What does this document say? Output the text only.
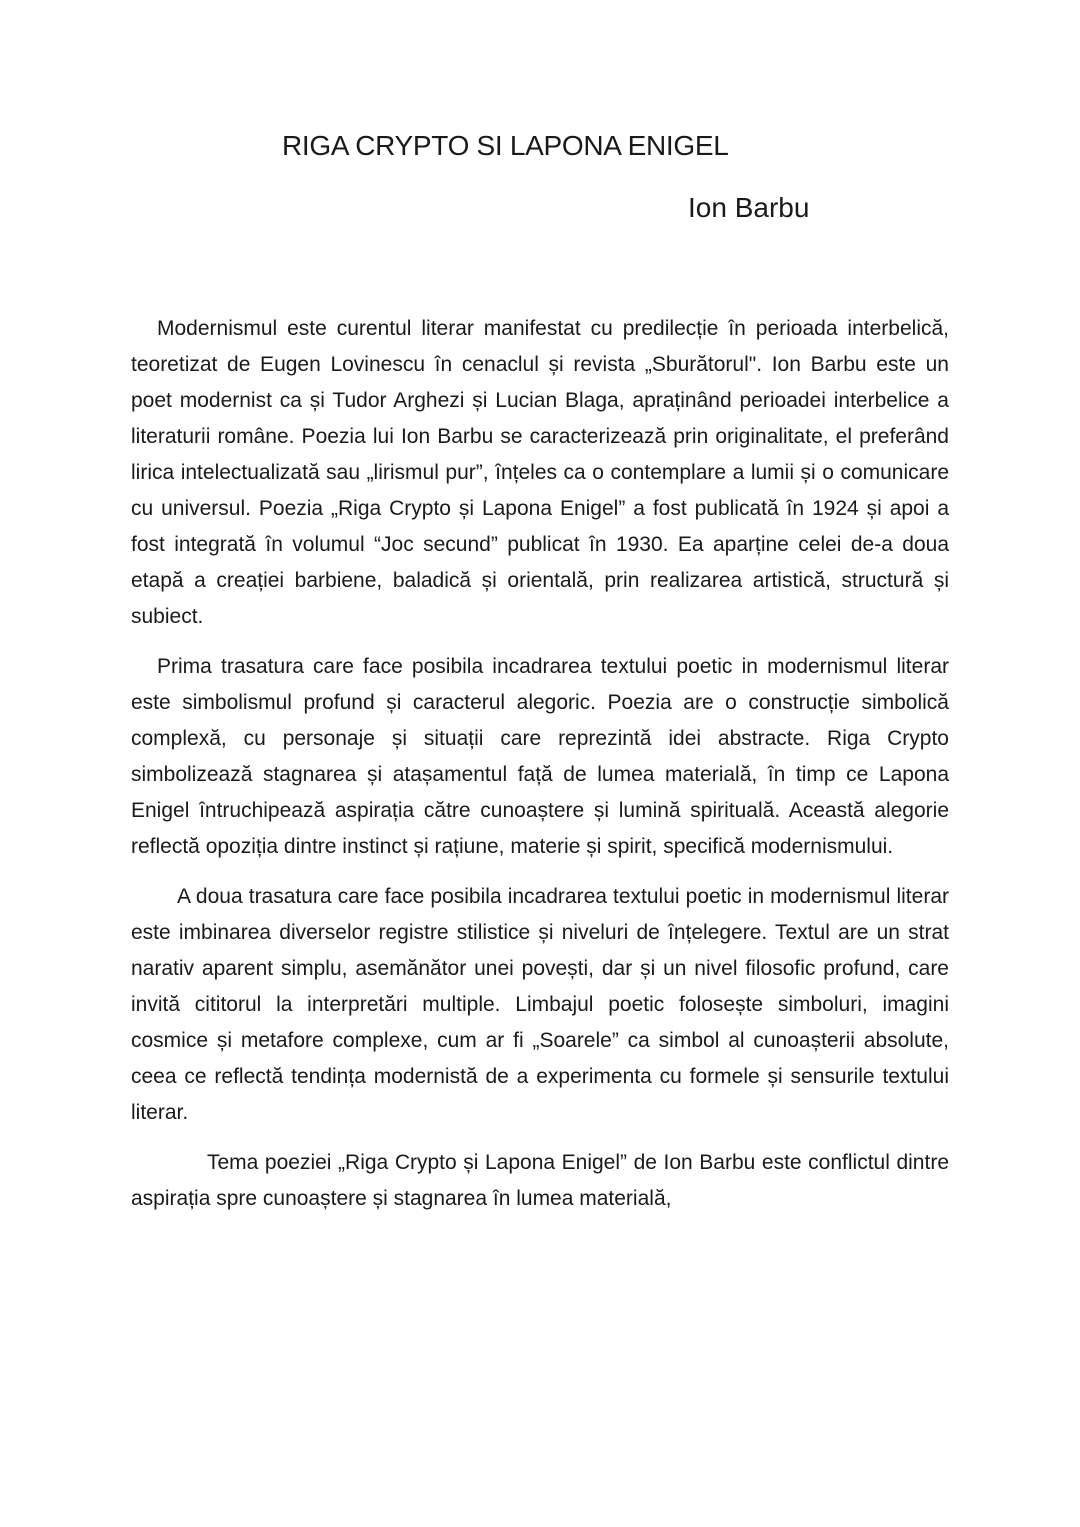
RIGA CRYPTO SI LAPONA ENIGEL
Ion Barbu

Modernismul este curentul literar manifestat cu predilecție în perioada interbelică, teoretizat de Eugen Lovinescu în cenaclul și revista „Sburătorul". Ion Barbu este un poet modernist ca și Tudor Arghezi și Lucian Blaga, apraținând perioadei interbelice a literaturii române. Poezia lui Ion Barbu se caracterizează prin originalitate, el preferând lirica intelectualizată sau „lirismul pur”, înțeles ca o contemplare a lumii și o comunicare cu universul. Poezia „Riga Crypto și Lapona Enigel” a fost publicată în 1924 și apoi a fost integrată în volumul “Joc secund” publicat în 1930. Ea aparține celei de-a doua etapă a creației barbiene, baladică și orientală, prin realizarea artistică, structură și subiect.

Prima trasatura care face posibila incadrarea textului poetic in modernismul literar este simbolismul profund și caracterul alegoric. Poezia are o construcție simbolică complexă, cu personaje și situații care reprezintă idei abstracte. Riga Crypto simbolizează stagnarea și atașamentul față de lumea materială, în timp ce Lapona Enigel întruchipează aspirația către cunoaștere și lumină spirituală. Această alegorie reflectă opoziția dintre instinct și rațiune, materie și spirit, specifică modernismului.

A doua trasatura care face posibila incadrarea textului poetic in modernismul literar este imbinarea diverselor registre stilistice și niveluri de înțelegere. Textul are un strat narativ aparent simplu, asemănător unei povești, dar și un nivel filosofic profund, care invită cititorul la interpretări multiple. Limbajul poetic folosește simboluri, imagini cosmice și metafore complexe, cum ar fi „Soarele” ca simbol al cunoașterii absolute, ceea ce reflectă tendința modernistă de a experimenta cu formele și sensurile textului literar.

Tema poeziei „Riga Crypto și Lapona Enigel” de Ion Barbu este conflictul dintre aspirația spre cunoaștere și stagnarea în lumea materială,
